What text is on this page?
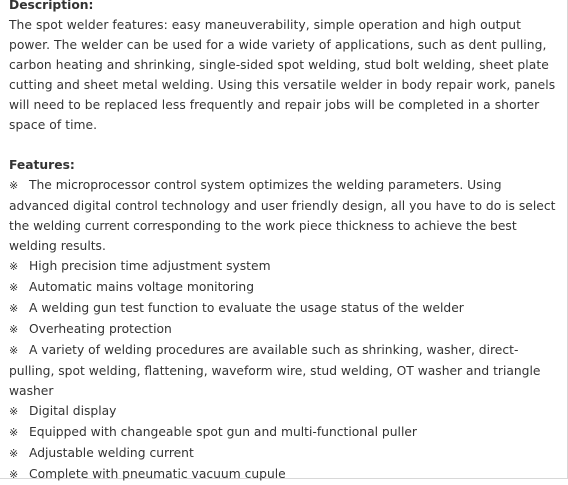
Description:

The spot welder features: easy maneuverability, simple operation and high output power. The welder can be used for a wide variety of applications, such as dent pulling, carbon heating and shrinking, single-sided spot welding, stud bolt welding, sheet plate cutting and sheet metal welding. Using this versatile welder in body repair work, panels will need to be replaced less frequently and repair jobs will be completed in a shorter space of time.

Features:
※ The microprocessor control system optimizes the welding parameters. Using advanced digital control technology and user friendly design, all you have to do is select the welding current corresponding to the work piece thickness to achieve the best welding results.
※ High precision time adjustment system
※ Automatic mains voltage monitoring
※ A welding gun test function to evaluate the usage status of the welder
※ Overheating protection
※ A variety of welding procedures are available such as shrinking, washer, direct-pulling, spot welding, flattening, waveform wire, stud welding, OT washer and triangle washer
※ Digital display
※ Equipped with changeable spot gun and multi-functional puller
※ Adjustable welding current
※ Complete with pneumatic vacuum cupule
